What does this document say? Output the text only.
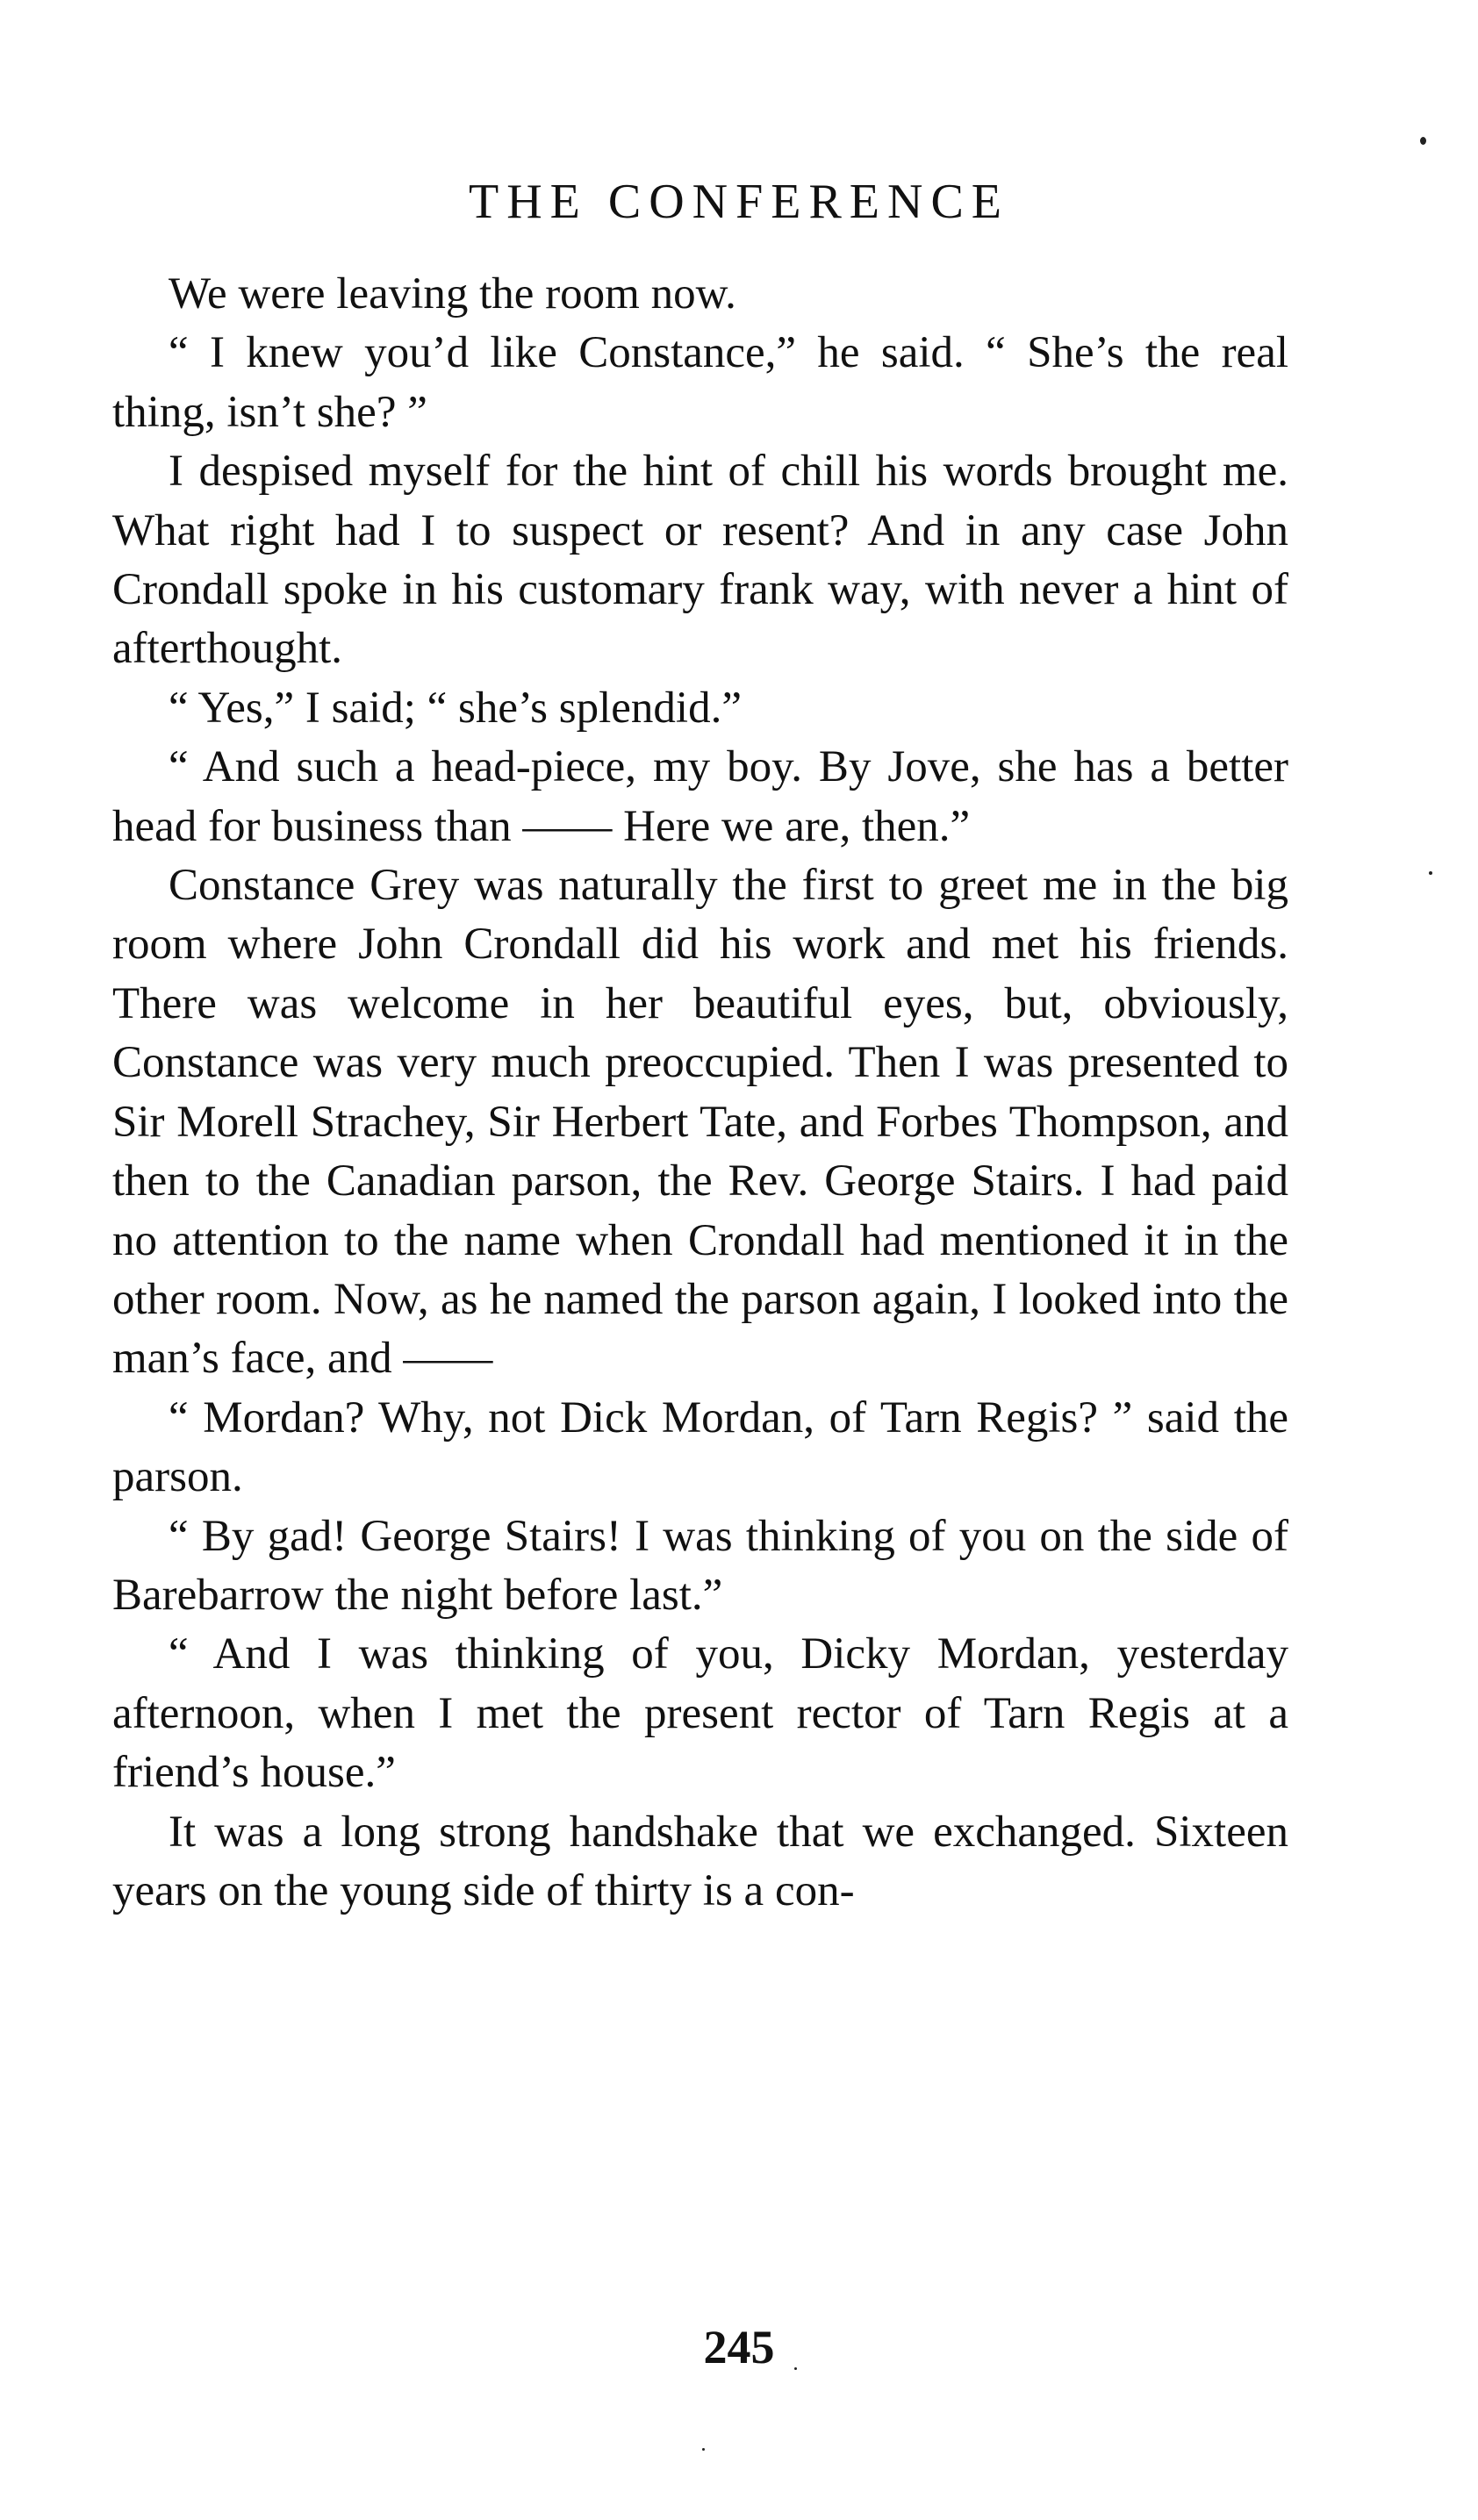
THE CONFERENCE

We were leaving the room now.

“ I knew you’d like Constance,” he said. “ She’s the real thing, isn’t she? ”

I despised myself for the hint of chill his words brought me. What right had I to suspect or resent? And in any case John Crondall spoke in his customary frank way, with never a hint of afterthought.

“ Yes,” I said; “ she’s splendid.”

“ And such a head-piece, my boy. By Jove, she has a better head for business than —— Here we are, then.”

Constance Grey was naturally the first to greet me in the big room where John Crondall did his work and met his friends. There was welcome in her beautiful eyes, but, obviously, Constance was very much preoccupied. Then I was presented to Sir Morell Strachey, Sir Herbert Tate, and Forbes Thompson, and then to the Canadian parson, the Rev. George Stairs. I had paid no attention to the name when Crondall had mentioned it in the other room. Now, as he named the parson again, I looked into the man’s face, and ——

“ Mordan? Why, not Dick Mordan, of Tarn Regis? ” said the parson.

“ By gad! George Stairs! I was thinking of you on the side of Barebarrow the night before last.”

“ And I was thinking of you, Dicky Mordan, yesterday afternoon, when I met the present rector of Tarn Regis at a friend’s house.”

It was a long strong handshake that we exchanged. Sixteen years on the young side of thirty is a con-

245
